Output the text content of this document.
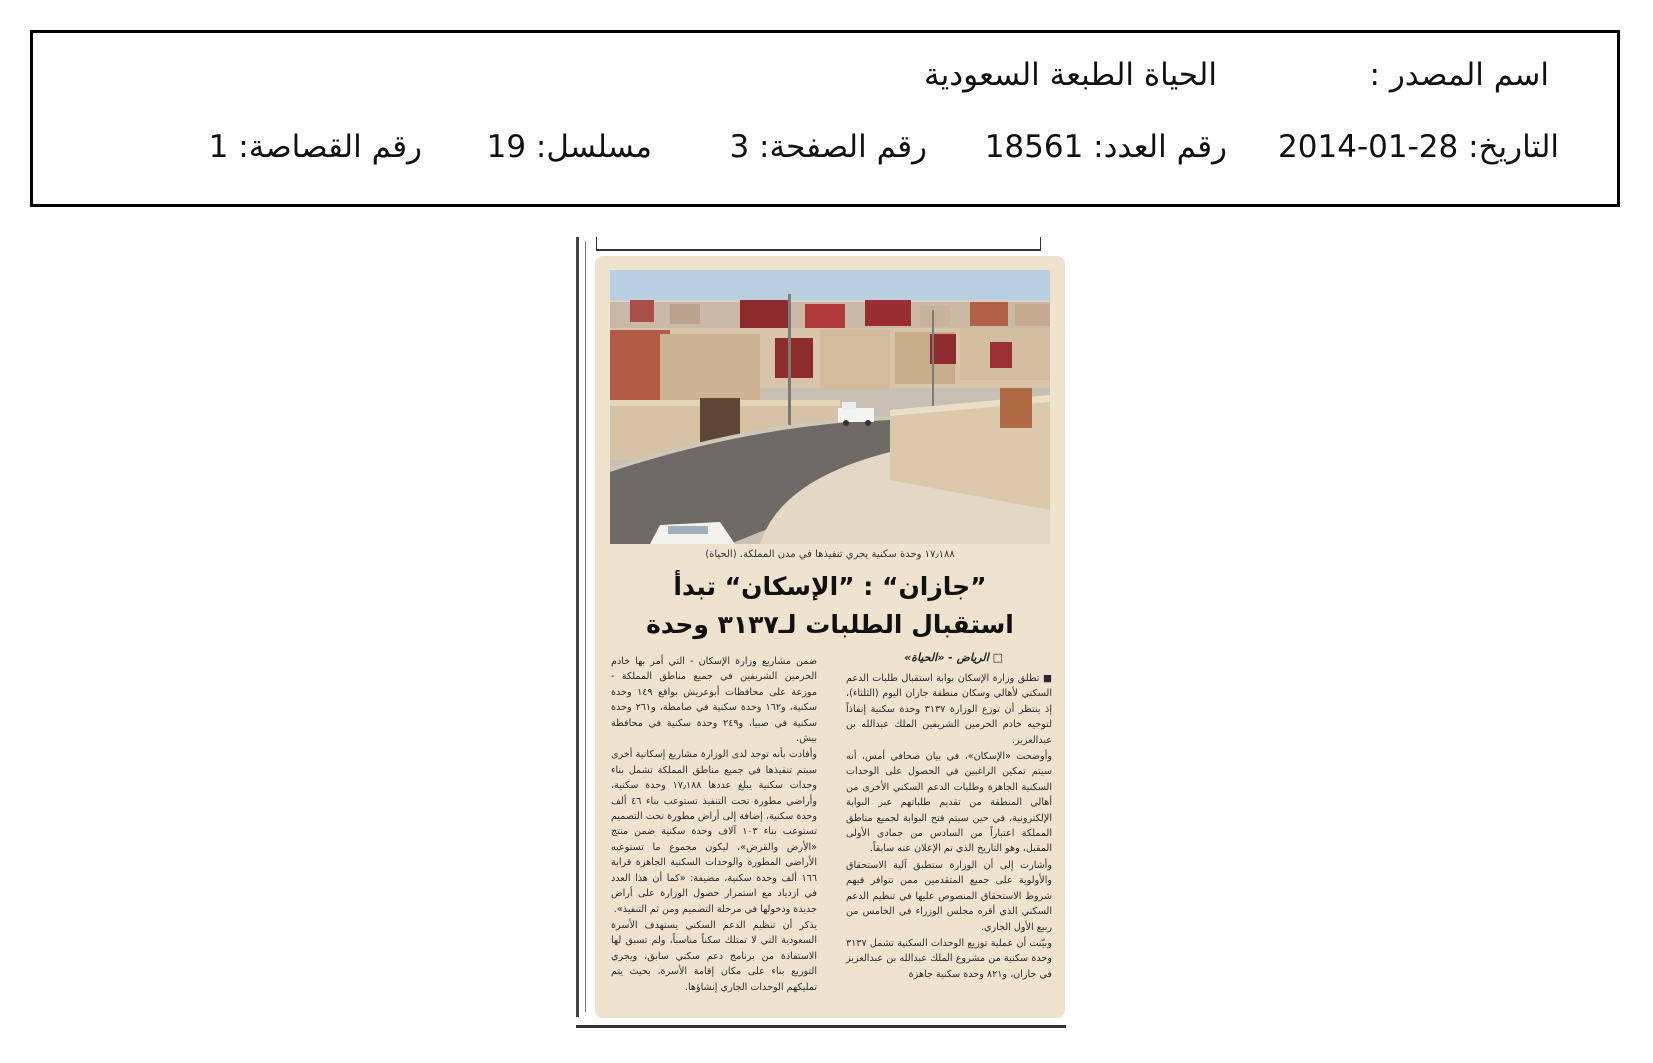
اسم المصدر :
الحياة الطبعة السعودية
التاريخ: 28-01-2014
رقم العدد: 18561
رقم الصفحة: 3
مسلسل: 19
رقم القصاصة: 1
١٧٫١٨٨ وحدة سكنية يجري تنفيذها في مدن المملكة. (الحياة)
”جازان“ : ”الإسكان“ تبدأ
استقبال الطلبات لـ٣١٣٧ وحدة
□ الرياض - «الحياة»

■ تطلق وزارة الإسكان بوابة استقبال طلبات الدعم السكني لأهالي وسكان منطقة جازان اليوم (الثلثاء)، إذ ينتظر أن توزع الوزارة ٣١٣٧ وحدة سكنية إنفاذاً لتوجيه خادم الحرمين الشريفين الملك عبدالله بن عبدالعزيز.

وأوضحت «الإسكان»، في بيان صحافي أمس، أنه سيتم تمكين الراغبين في الحصول على الوحدات السكنية الجاهزة وطلبات الدعم السكني الأخرى من أهالي المنطقة من تقديم طلباتهم عبر البوابة الإلكترونية، في حين سيتم فتح البوابة لجميع مناطق المملكة اعتباراً من السادس من جمادى الأولى المقبل، وهو التاريخ الذي تم الإعلان عنه سابقاً.

وأشارت إلى أن الوزارة ستطبق آلية الاستحقاق والأولوية على جميع المتقدمين ممن تتوافر فيهم شروط الاستحقاق المنصوص عليها في تنظيم الدعم السكني الذي أقره مجلس الوزراء في الخامس من ربيع الأول الجاري.

وبيّنت أن عملية توزيع الوحدات السكنية تشمل ٣١٣٧ وحدة سكنية من مشروع الملك عبدالله بن عبدالعزيز في جازان، و٨٢١ وحدة سكنية جاهزة

ضمن مشاريع وزارة الإسكان - التي أمر بها خادم الحرمين الشريفين في جميع مناطق المملكة - موزعة على محافظات أبوعريش بواقع ١٤٩ وحدة سكنية، و١٦٢ وحدة سكنية في صامطة، و٢٦١ وحدة سكنية في صبيا، و٢٤٩ وحدة سكنية في محافظة بيش.

وأفادت بأنه توجد لدى الوزارة مشاريع إسكانية أخرى سيتم تنفيذها في جميع مناطق المملكة تشمل بناء وحدات سكنية يبلغ عددها ١٧٫١٨٨ وحدة سكنية، وأراضي مطورة تحت التنفيذ تستوعب بناء ٤٦ ألف وحدة سكنية، إضافة إلى أراض مطورة تحت التصميم تستوعب بناء ١٠٣ آلاف وحدة سكنية ضمن منتج «الأرض والقرض»، ليكون مجموع ما تستوعبه الأراضي المطورة والوحدات السكنية الجاهزة قرابة ١٦٦ ألف وحدة سكنية، مضيفة: «كما أن هذا العدد في ازدياد مع استمرار حصول الوزارة على أراض جديدة ودخولها في مرحلة التصميم ومن ثم التنفيذ».

يذكر أن تنظيم الدعم السكني يستهدف الأسرة السعودية التي لا تمتلك سكناً مناسباً، ولم تسبق لها الاستفادة من برنامج دعم سكني سابق، ويجري التوزيع بناء على مكان إقامة الأسرة، بحيث يتم تمليكهم الوحدات الجاري إنشاؤها.
